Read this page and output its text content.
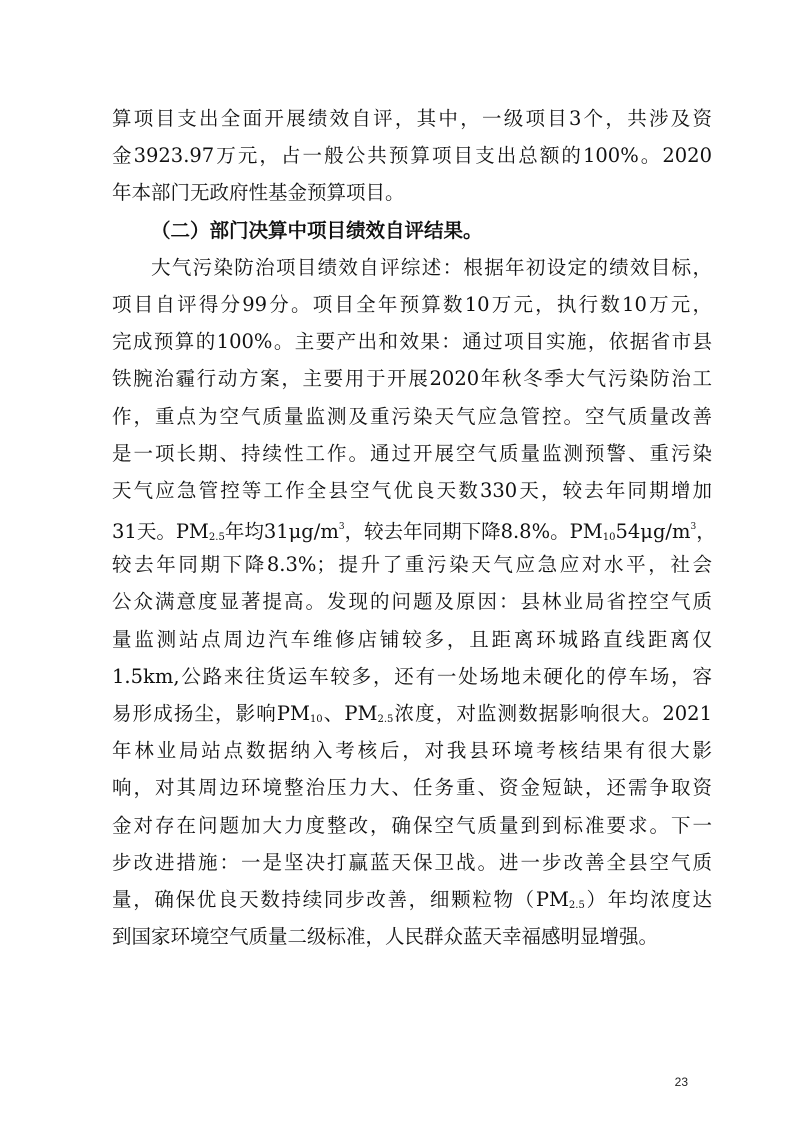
算项目支出全面开展绩效自评，其中，一级项目3个，共涉及资
金3923.97万元，占一般公共预算项目支出总额的100%。2020
年本部门无政府性基金预算项目。
（二）部门决算中项目绩效自评结果。
大气污染防治项目绩效自评综述：根据年初设定的绩效目标，
项目自评得分99分。项目全年预算数10万元，执行数10万元，
完成预算的100%。主要产出和效果：通过项目实施，依据省市县
铁腕治霾行动方案，主要用于开展2020年秋冬季大气污染防治工
作，重点为空气质量监测及重污染天气应急管控。空气质量改善
是一项长期、持续性工作。通过开展空气质量监测预警、重污染
天气应急管控等工作全县空气优良天数330天，较去年同期增加
31天。$PM_{2.5}$年均$31\mu g/m^3$，较去年同期下降8.8%。$PM_{10}54\mu g/m^3$，
较去年同期下降8.3%；提升了重污染天气应急应对水平，社会
公众满意度显著提高。发现的问题及原因：县林业局省控空气质
量监测站点周边汽车维修店铺较多，且距离环城路直线距离仅
1.5km,公路来往货运车较多，还有一处场地未硬化的停车场，容
易形成扬尘，影响$PM_{10}$、$PM_{2.5}$浓度，对监测数据影响很大。2021
年林业局站点数据纳入考核后，对我县环境考核结果有很大影
响，对其周边环境整治压力大、任务重、资金短缺，还需争取资
金对存在问题加大力度整改，确保空气质量到到标准要求。下一
步改进措施：一是坚决打赢蓝天保卫战。进一步改善全县空气质
量，确保优良天数持续同步改善，细颗粒物$(PM_{2.5})$年均浓度达
到国家环境空气质量二级标准，人民群众蓝天幸福感明显增强。
23
